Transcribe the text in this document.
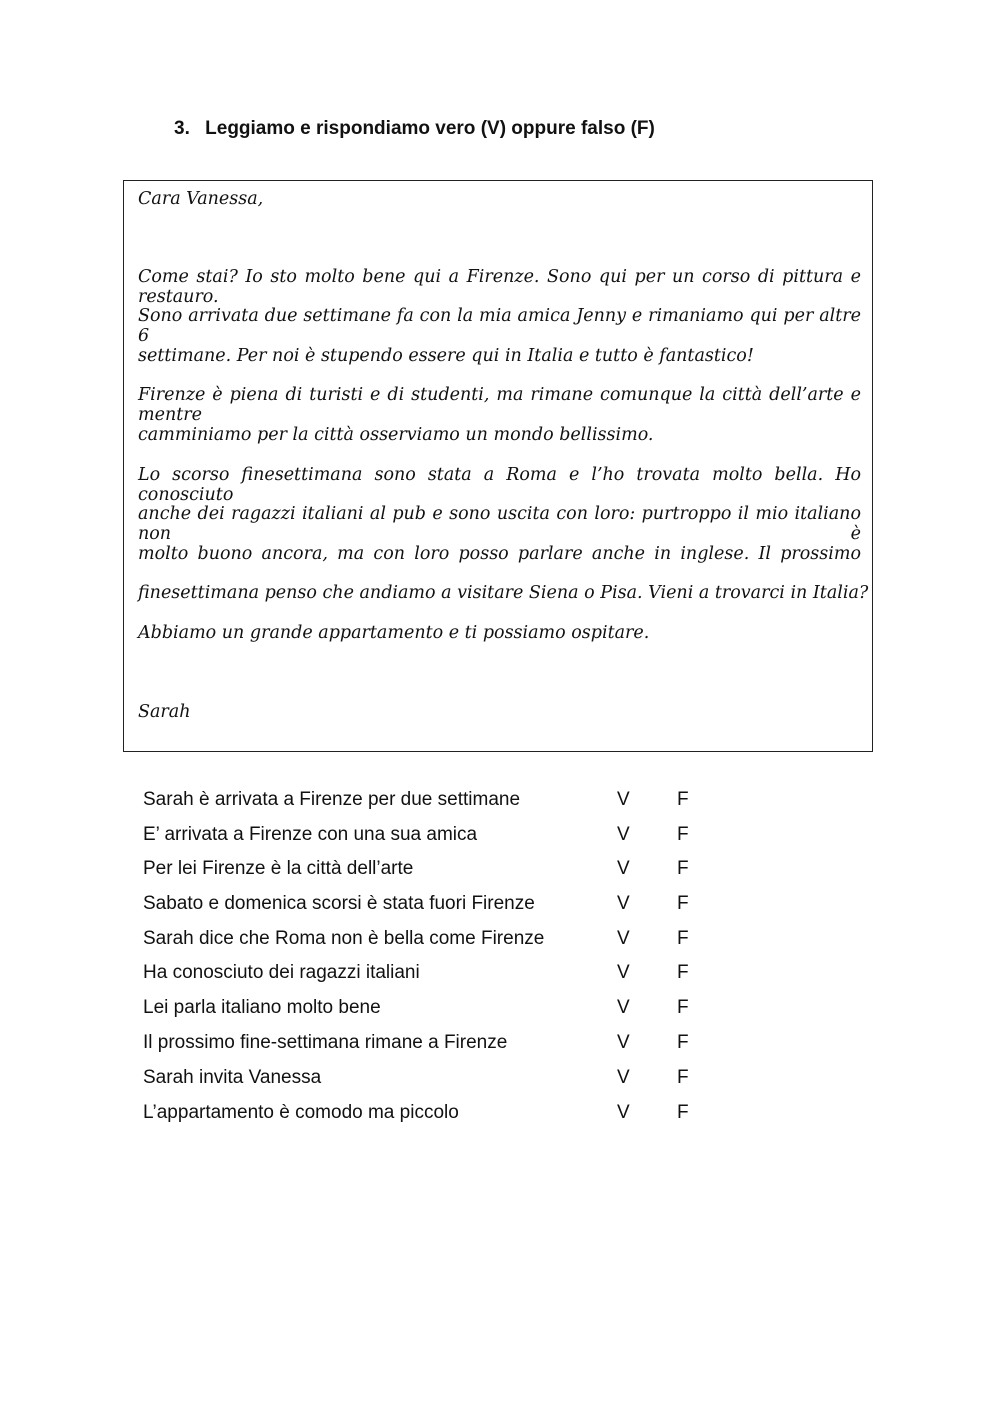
3. Leggiamo e rispondiamo vero (V) oppure falso (F)
Cara Vanessa,
Come stai? Io sto molto bene qui a Firenze. Sono qui per un corso di pittura e restauro.
Sono arrivata due settimane fa con la mia amica Jenny e rimaniamo qui per altre 6
settimane. Per noi è stupendo essere qui in Italia e tutto è fantastico!
Firenze è piena di turisti e di studenti, ma rimane comunque la città dell’arte e mentre
camminiamo per la città osserviamo un mondo bellissimo.
Lo scorso finesettimana sono stata a Roma e l’ho trovata molto bella. Ho conosciuto
anche dei ragazzi italiani al pub e sono uscita con loro: purtroppo il mio italiano non è
molto buono ancora, ma con loro posso parlare anche in inglese. Il prossimo
finesettimana penso che andiamo a visitare Siena o Pisa. Vieni a trovarci in Italia?
Abbiamo un grande appartamento e ti possiamo ospitare.
Sarah
Sarah è arrivata a Firenze per due settimane	V F
E’ arrivata a Firenze con una sua amica	V F
Per lei Firenze è la città dell’arte	V F
Sabato e domenica scorsi è stata fuori Firenze	V F
Sarah dice che Roma non è bella come Firenze	V F
Ha conosciuto dei ragazzi italiani	V F
Lei parla italiano molto bene	V F
Il prossimo fine-settimana rimane a Firenze	V F
Sarah invita Vanessa	V F
L’appartamento è comodo ma piccolo	V F
